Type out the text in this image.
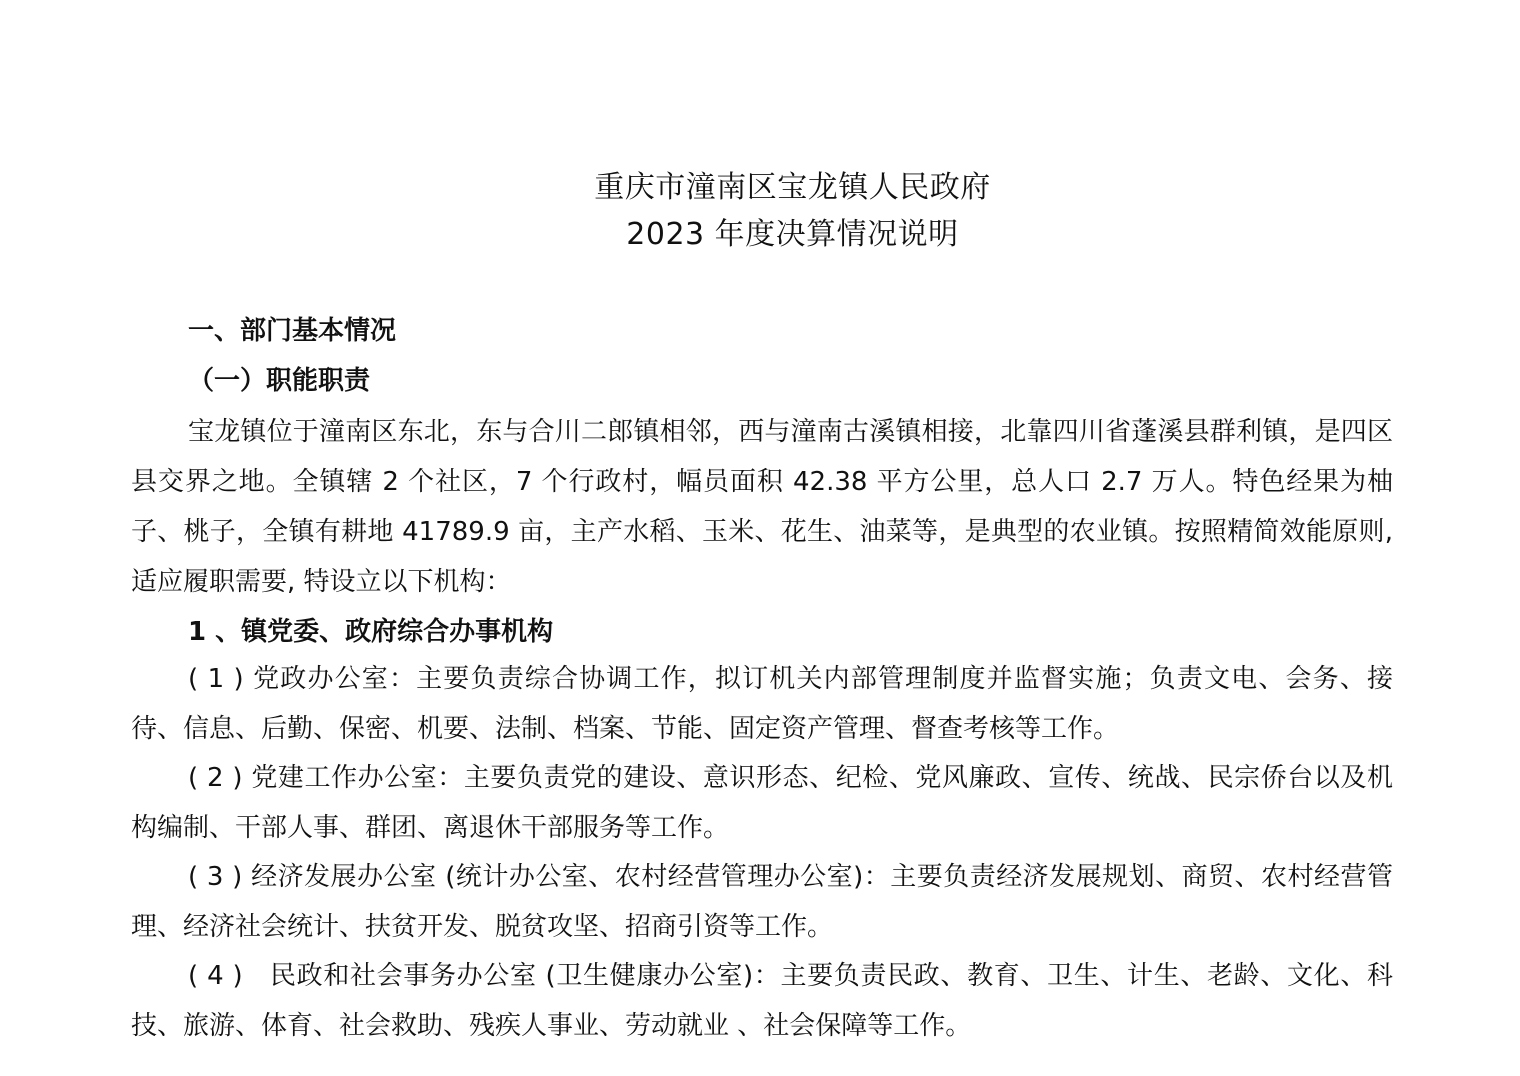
重庆市潼南区宝龙镇人民政府
2023 年度决算情况说明
一、部门基本情况
（一）职能职责
宝龙镇位于潼南区东北，东与合川二郎镇相邻，西与潼南古溪镇相接，北靠四川省蓬溪县群利镇，是四区县交界之地。全镇辖 2 个社区，7 个行政村，幅员面积 42.38 平方公里，总人口 2.7 万人。特色经果为柚子、桃子，全镇有耕地 41789.9 亩，主产水稻、玉米、花生、油菜等，是典型的农业镇。按照精简效能原则,适应履职需要, 特设立以下机构：
1 、镇党委、政府综合办事机构
( 1 ) 党政办公室：主要负责综合协调工作，拟订机关内部管理制度并监督实施；负责文电、会务、接待、信息、后勤、保密、机要、法制、档案、节能、固定资产管理、督查考核等工作。
( 2 ) 党建工作办公室：主要负责党的建设、意识形态、纪检、党风廉政、宣传、统战、民宗侨台以及机构编制、干部人事、群团、离退休干部服务等工作。
( 3 ) 经济发展办公室 (统计办公室、农村经营管理办公室)：主要负责经济发展规划、商贸、农村经营管理、经济社会统计、扶贫开发、脱贫攻坚、招商引资等工作。
( 4 )　民政和社会事务办公室 (卫生健康办公室)：主要负责民政、教育、卫生、计生、老龄、文化、科技、旅游、体育、社会救助、残疾人事业、劳动就业 、社会保障等工作。
